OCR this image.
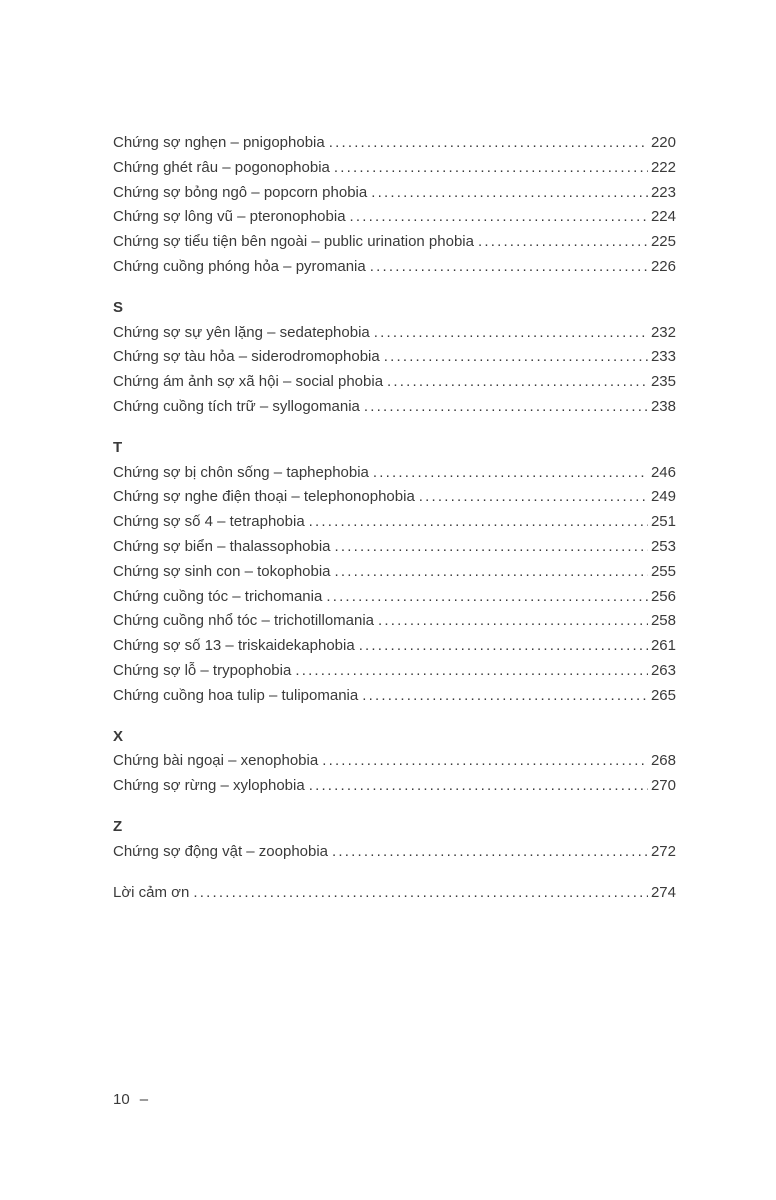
Chứng sợ nghẹn – pnigophobia .....	220
Chứng ghét râu – pogonophobia .....	222
Chứng sợ bỏng ngô – popcorn phobia .....	223
Chứng sợ lông vũ – pteronophobia .....	224
Chứng sợ tiểu tiện bên ngoài – public urination phobia .....	225
Chứng cuồng phóng hỏa – pyromania .....	226
S
Chứng sợ sự yên lặng – sedatephobia .....	232
Chứng sợ tàu hỏa – siderodromophobia .....	233
Chứng ám ảnh sợ xã hội – social phobia .....	235
Chứng cuồng tích trữ – syllogomania .....	238
T
Chứng sợ bị chôn sống – taphephobia .....	246
Chứng sợ nghe điện thoại – telephonophobia .....	249
Chứng sợ số 4 – tetraphobia .....	251
Chứng sợ biển – thalassophobia .....	253
Chứng sợ sinh con – tokophobia .....	255
Chứng cuồng tóc – trichomania .....	256
Chứng cuồng nhổ tóc – trichotillomania .....	258
Chứng sợ số 13 – triskaidekaphobia .....	261
Chứng sợ lỗ – trypophobia .....	263
Chứng cuồng hoa tulip – tulipomania .....	265
X
Chứng bài ngoại – xenophobia .....	268
Chứng sợ rừng – xylophobia .....	270
Z
Chứng sợ động vật – zoophobia .....	272
Lời cảm ơn .....	274
10 –
